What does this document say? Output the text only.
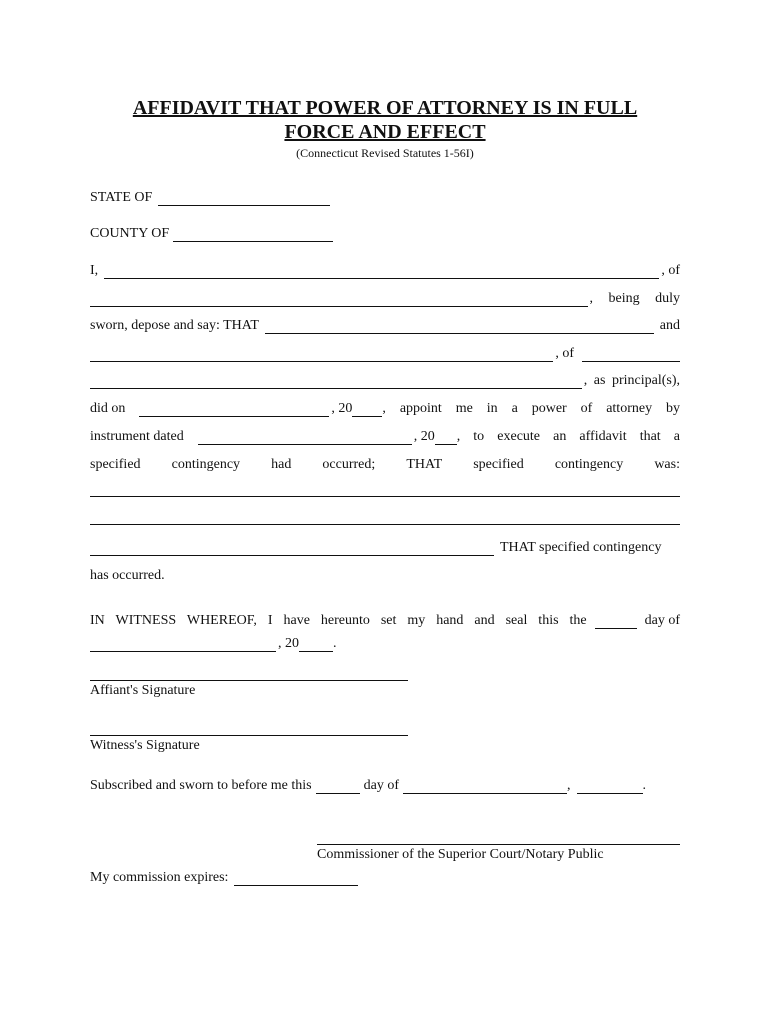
AFFIDAVIT THAT POWER OF ATTORNEY IS IN FULL
FORCE AND EFFECT
(Connecticut Revised Statutes 1-56I)
STATE OF
COUNTY OF
I,	, of
, being duly
sworn, depose and say: THAT	and
, of
, as principal(s),
did on	, 20 , appoint me in a power of attorney by
instrument dated	, 20 , to execute an affidavit that a
specified contingency had occurred; THAT specified contingency was:
THAT specified contingency
has occurred.
IN WITNESS WHEREOF, I have hereunto set my hand and seal this the	day of
, 20 .
Affiant's Signature
Witness's Signature
Subscribed and sworn to before me this	day of	,	.
Commissioner of the Superior Court/Notary Public
My commission expires:
